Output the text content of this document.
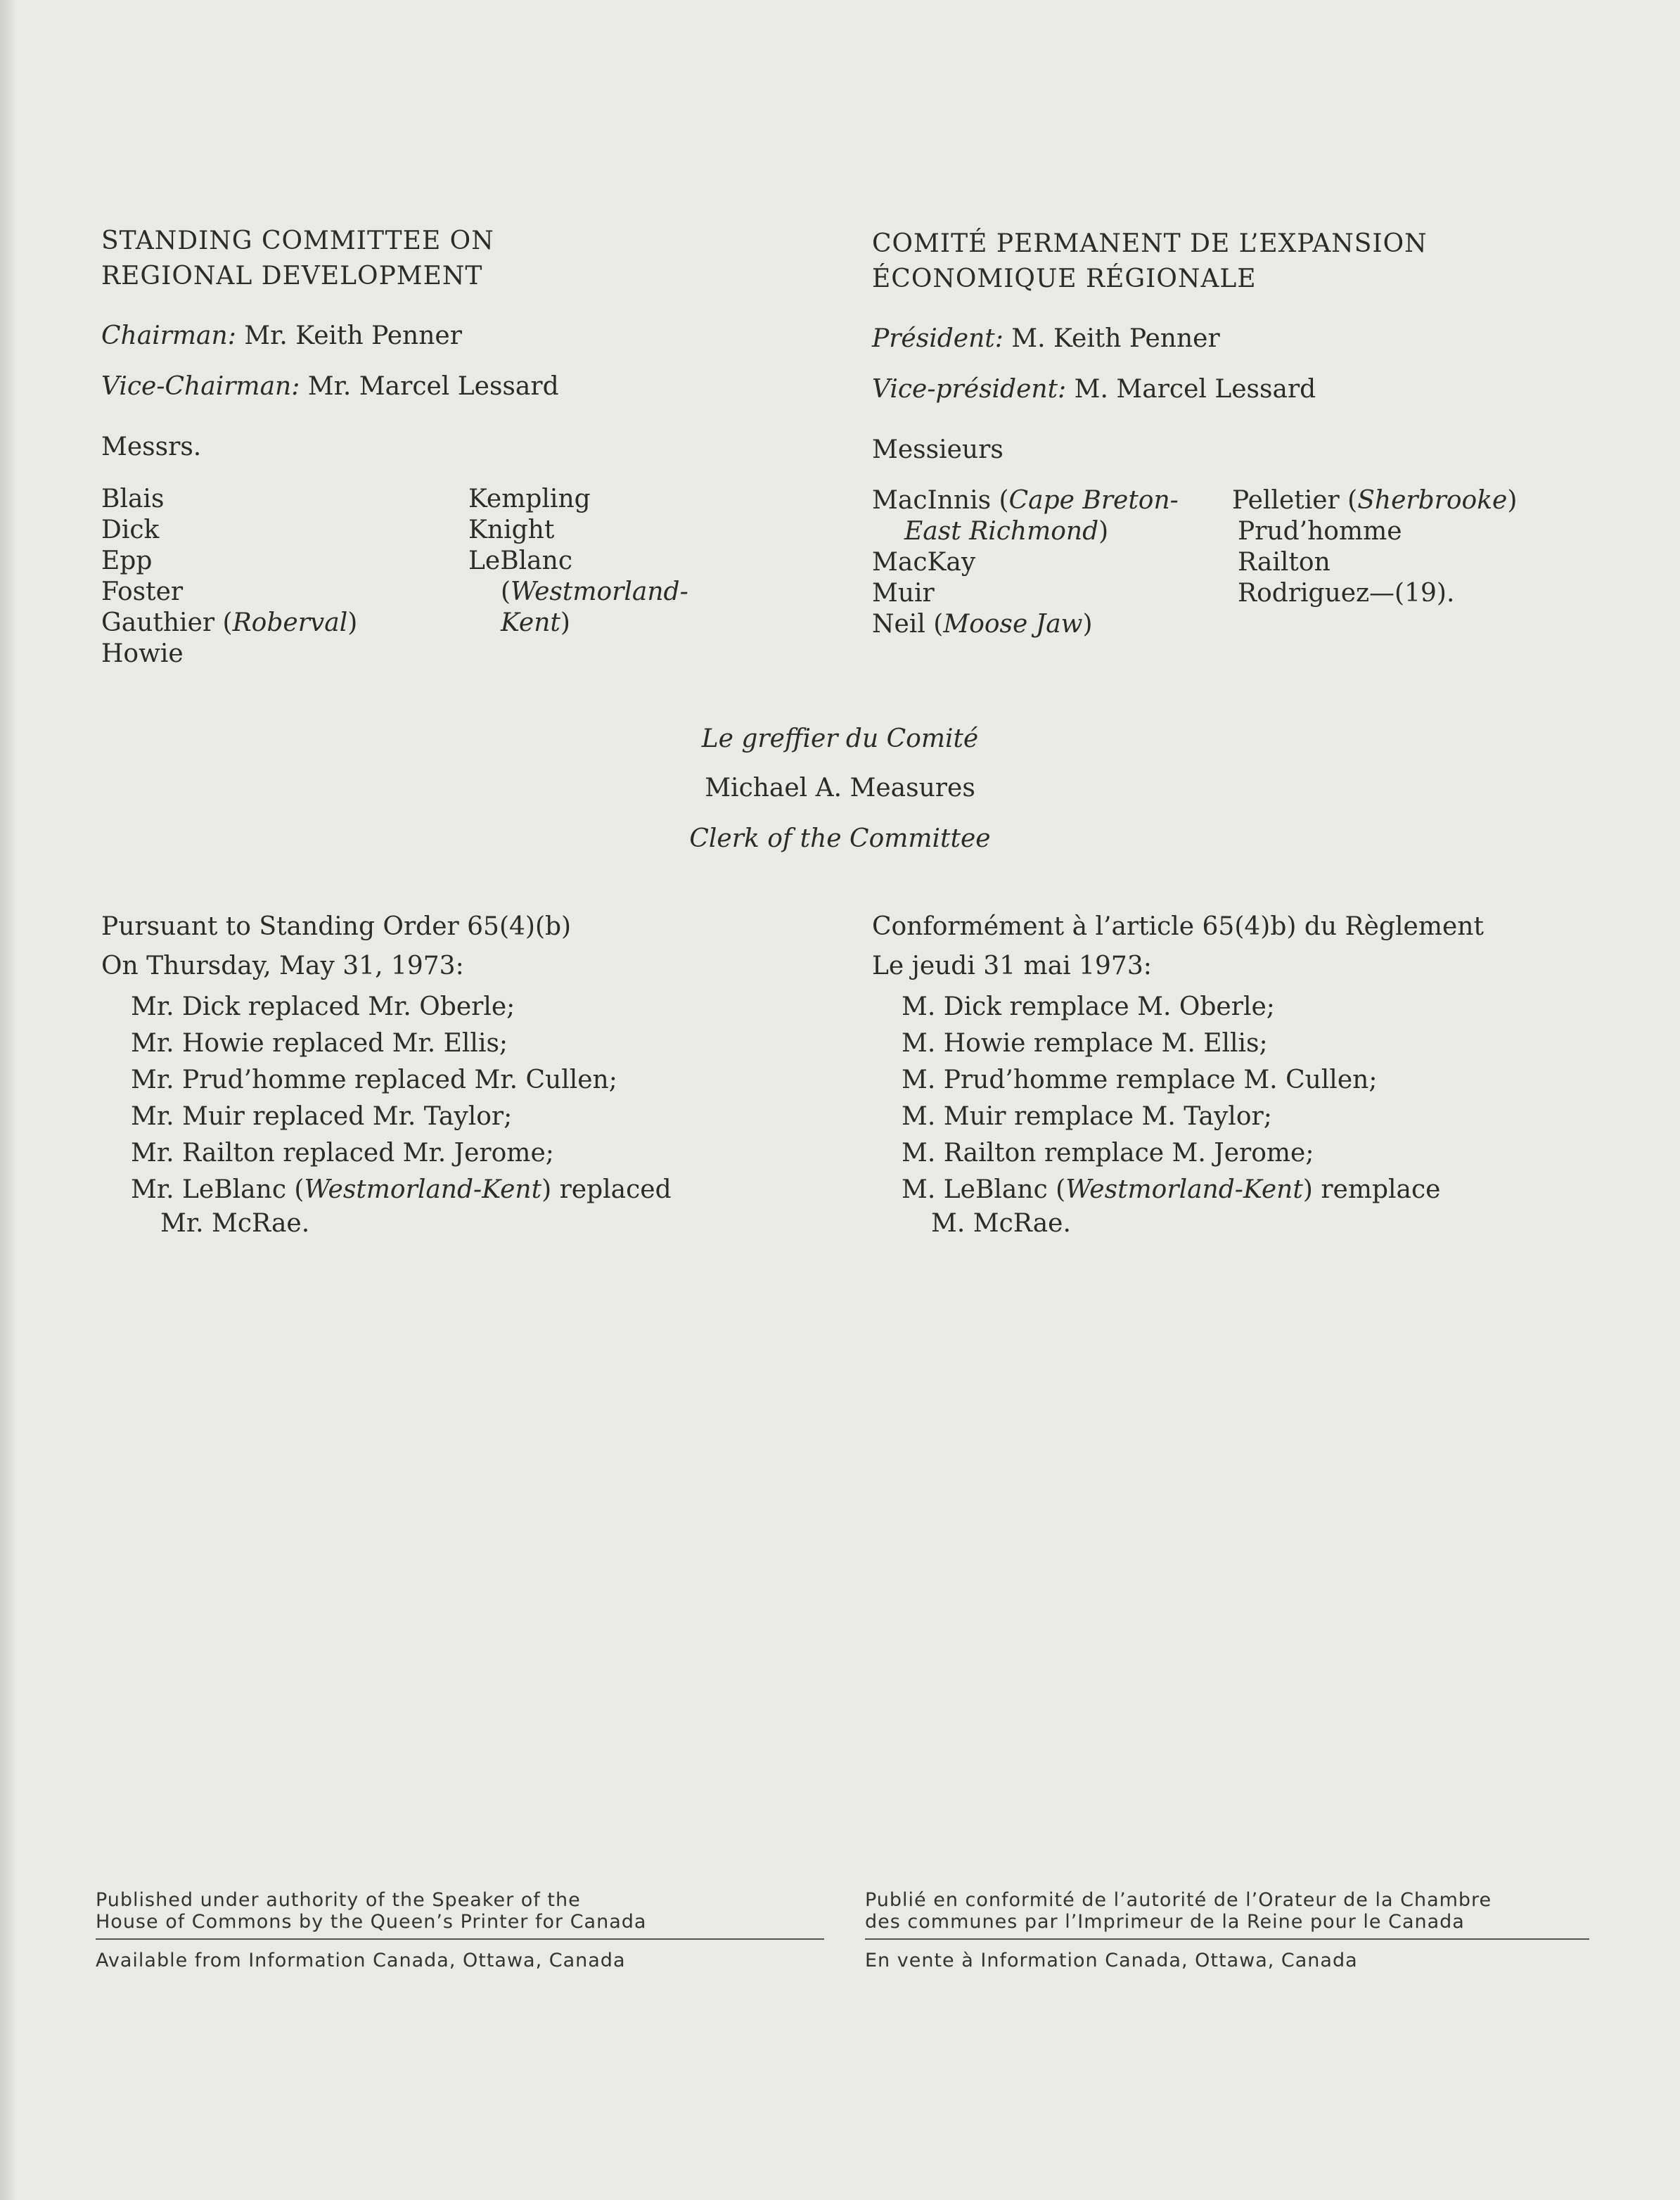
STANDING COMMITTEE ON
REGIONAL DEVELOPMENT
Chairman: Mr. Keith Penner
Vice-Chairman: Mr. Marcel Lessard
Messrs.
Blais
Dick
Epp
Foster
Gauthier (Roberval)
Howie
Kempling
Knight
LeBlanc
(Westmorland-
Kent)
COMITÉ PERMANENT DE L’EXPANSION
ÉCONOMIQUE RÉGIONALE
Président: M. Keith Penner
Vice-président: M. Marcel Lessard
Messieurs
MacInnis (Cape Breton-
East Richmond)
MacKay
Muir
Neil (Moose Jaw)
Pelletier (Sherbrooke)
Prud’homme
Railton
Rodriguez—(19).
Le greffier du Comité
Michael A. Measures
Clerk of the Committee
Pursuant to Standing Order 65(4)(b)
On Thursday, May 31, 1973:
Mr. Dick replaced Mr. Oberle;
Mr. Howie replaced Mr. Ellis;
Mr. Prud’homme replaced Mr. Cullen;
Mr. Muir replaced Mr. Taylor;
Mr. Railton replaced Mr. Jerome;
Mr. LeBlanc (Westmorland-Kent) replaced
Mr. McRae.
Conformément à l’article 65(4)b) du Règlement
Le jeudi 31 mai 1973:
M. Dick remplace M. Oberle;
M. Howie remplace M. Ellis;
M. Prud’homme remplace M. Cullen;
M. Muir remplace M. Taylor;
M. Railton remplace M. Jerome;
M. LeBlanc (Westmorland-Kent) remplace
M. McRae.
Published under authority of the Speaker of the
House of Commons by the Queen’s Printer for Canada
Available from Information Canada, Ottawa, Canada
Publié en conformité de l’autorité de l’Orateur de la Chambre
des communes par l’Imprimeur de la Reine pour le Canada
En vente à Information Canada, Ottawa, Canada
